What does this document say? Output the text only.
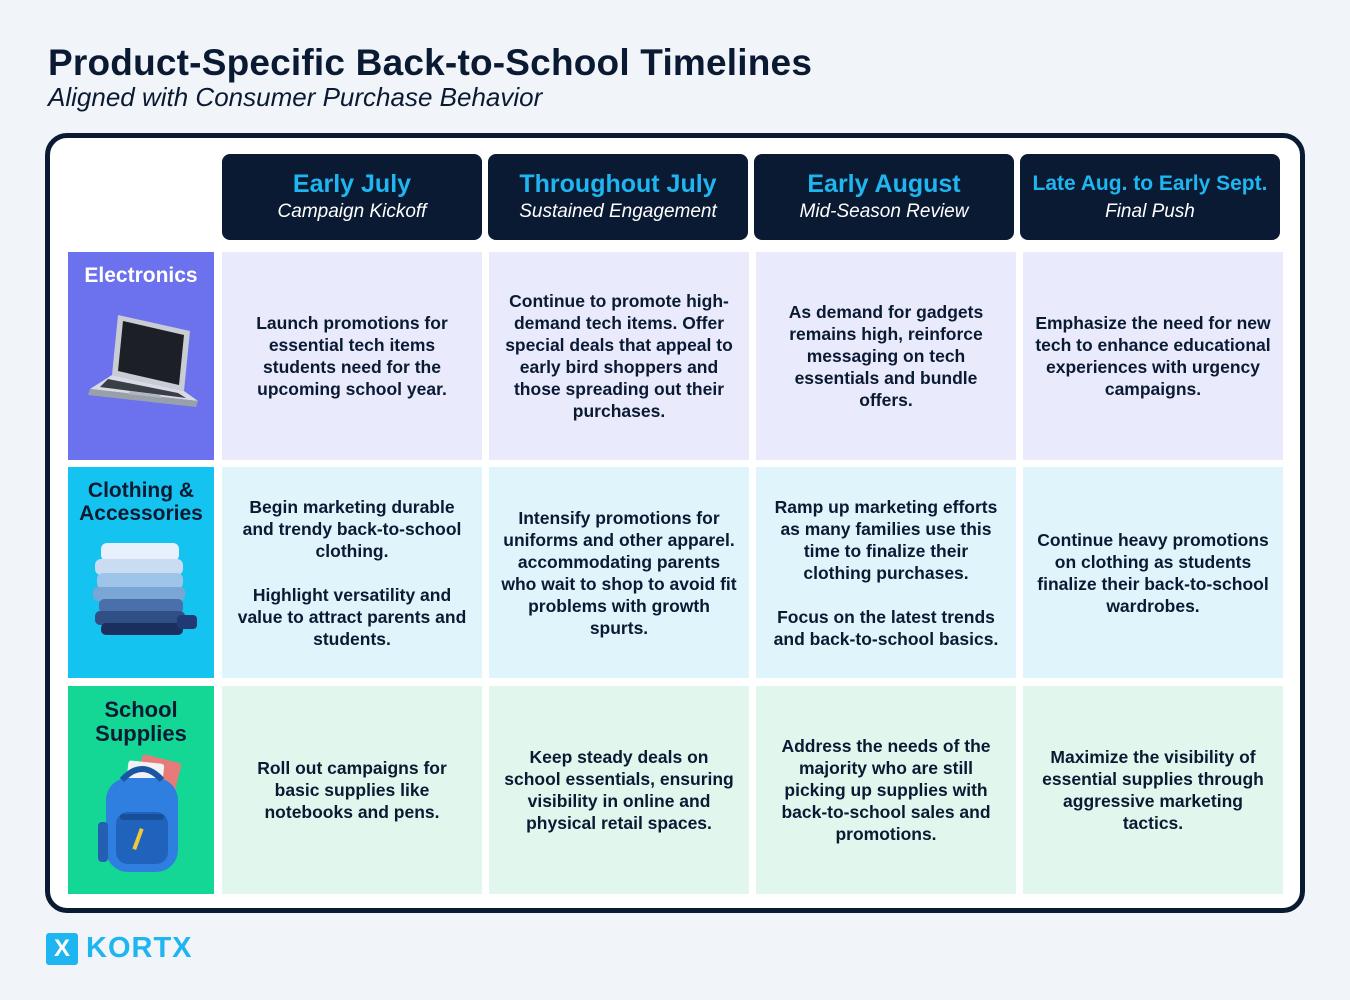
Product-Specific Back-to-School Timelines
Aligned with Consumer Purchase Behavior
Early July
Campaign Kickoff
Throughout July
Sustained Engagement
Early August
Mid-Season Review
Late Aug. to Early Sept.
Final Push
Electronics
Launch promotions for essential tech items students need for the upcoming school year.
Continue to promote high-demand tech items. Offer special deals that appeal to early bird shoppers and those spreading out their purchases.
As demand for gadgets remains high, reinforce messaging on tech essentials and bundle offers.
Emphasize the need for new tech to enhance educational experiences with urgency campaigns.
Clothing &
Accessories	Begin marketing durable and trendy back-to-school clothing.

Highlight versatility and value to attract parents and students.
Intensify promotions for uniforms and other apparel. accommodating parents who wait to shop to avoid fit problems with growth spurts.
Ramp up marketing efforts as many families use this time to finalize their clothing purchases.

Focus on the latest trends and back-to-school basics.
Continue heavy promotions on clothing as students finalize their back-to-school wardrobes.
School
Supplies
Roll out campaigns for basic supplies like notebooks and pens.
Keep steady deals on school essentials, ensuring visibility in online and physical retail spaces.
Address the needs of the majority who are still picking up supplies with back-to-school sales and promotions.
Maximize the visibility of essential supplies through aggressive marketing tactics.
X KORTX
